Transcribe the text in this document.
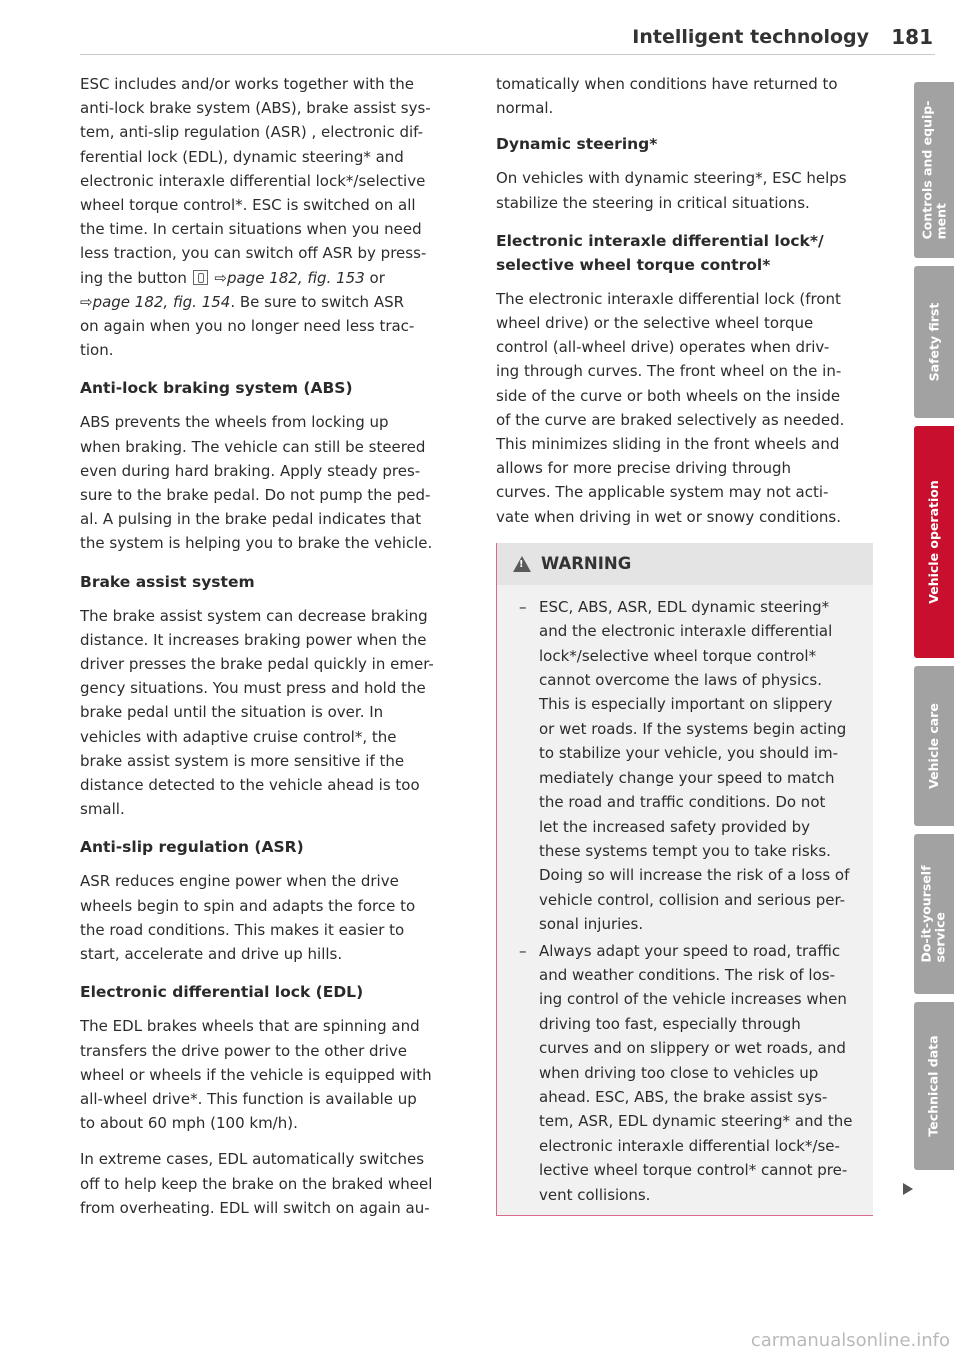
Intelligent technology 181

ESC includes and/or works together with the
anti-lock brake system (ABS), brake assist sys-
tem, anti-slip regulation (ASR) , electronic dif-
ferential lock (EDL), dynamic steering* and
electronic interaxle differential lock*/selective
wheel torque control*. ESC is switched on all
the time. In certain situations when you need
less traction, you can switch off ASR by press-
ing the button ⇨page 182, fig. 153 or
⇨page 182, fig. 154. Be sure to switch ASR
on again when you no longer need less trac-
tion.

Anti-lock braking system (ABS)

ABS prevents the wheels from locking up
when braking. The vehicle can still be steered
even during hard braking. Apply steady pres-
sure to the brake pedal. Do not pump the ped-
al. A pulsing in the brake pedal indicates that
the system is helping you to brake the vehicle.

Brake assist system

The brake assist system can decrease braking
distance. It increases braking power when the
driver presses the brake pedal quickly in emer-
gency situations. You must press and hold the
brake pedal until the situation is over. In
vehicles with adaptive cruise control*, the
brake assist system is more sensitive if the
distance detected to the vehicle ahead is too
small.

Anti-slip regulation (ASR)

ASR reduces engine power when the drive
wheels begin to spin and adapts the force to
the road conditions. This makes it easier to
start, accelerate and drive up hills.

Electronic differential lock (EDL)

The EDL brakes wheels that are spinning and
transfers the drive power to the other drive
wheel or wheels if the vehicle is equipped with
all-wheel drive*. This function is available up
to about 60 mph (100 km/h).

In extreme cases, EDL automatically switches
off to help keep the brake on the braked wheel
from overheating. EDL will switch on again au-

tomatically when conditions have returned to
normal.

Dynamic steering*

On vehicles with dynamic steering*, ESC helps
stabilize the steering in critical situations.

Electronic interaxle differential lock*/
selective wheel torque control*

The electronic interaxle differential lock (front
wheel drive) or the selective wheel torque
control (all-wheel drive) operates when driv-
ing through curves. The front wheel on the in-
side of the curve or both wheels on the inside
of the curve are braked selectively as needed.
This minimizes sliding in the front wheels and
allows for more precise driving through
curves. The applicable system may not acti-
vate when driving in wet or snowy conditions.

!
WARNING
– ESC, ABS, ASR, EDL dynamic steering*
and the electronic interaxle differential
lock*/selective wheel torque control*
cannot overcome the laws of physics.
This is especially important on slippery
or wet roads. If the systems begin acting
to stabilize your vehicle, you should im-
mediately change your speed to match
the road and traffic conditions. Do not
let the increased safety provided by
these systems tempt you to take risks.
Doing so will increase the risk of a loss of
vehicle control, collision and serious per-
sonal injuries.
– Always adapt your speed to road, traffic
and weather conditions. The risk of los-
ing control of the vehicle increases when
driving too fast, especially through
curves and on slippery or wet roads, and
when driving too close to vehicles up
ahead. ESC, ABS, the brake assist sys-
tem, ASR, EDL dynamic steering* and the
electronic interaxle differential lock*/se-
lective wheel torque control* cannot pre-
vent collisions.
Controls and equip-
ment
Safety first
Vehicle operation
Vehicle care
Do-it-yourself
service
Technical data
carmanualsonline.info
